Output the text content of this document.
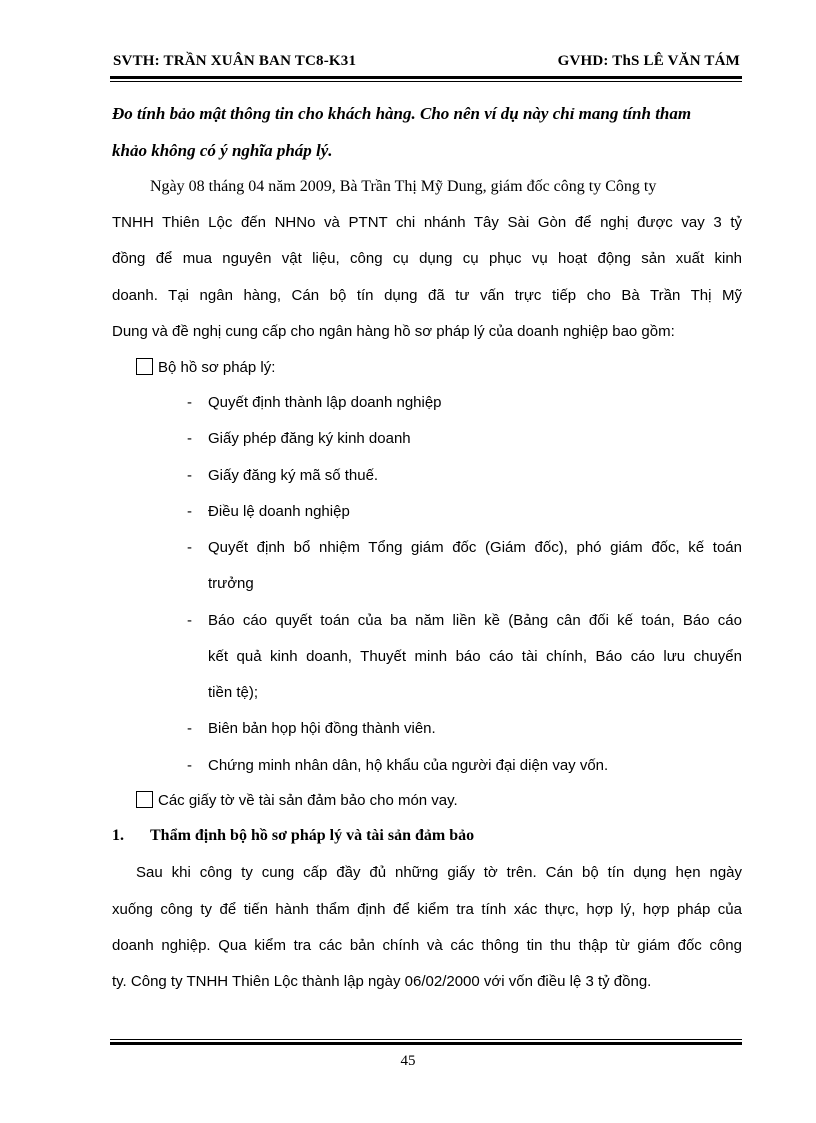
SVTH: TRẦN XUÂN BAN TC8-K31	GVHD: ThS LÊ VĂN TÁM
Đo tính bảo mật thông tin cho khách hàng. Cho nên ví dụ này chỉ mang tính tham
khảo không có ý nghĩa pháp lý.
Ngày 08 tháng 04 năm 2009, Bà Trần Thị Mỹ Dung, giám đốc công ty Công ty
TNHH Thiên Lộc đến NHNo và PTNT chi nhánh Tây Sài Gòn để nghị được vay 3 tỷ
đồng để mua nguyên vật liệu, công cụ dụng cụ phục vụ hoạt động sản xuất kinh
doanh. Tại ngân hàng, Cán bộ tín dụng đã tư vấn trực tiếp cho Bà Trần Thị Mỹ
Dung và đề nghị cung cấp cho ngân hàng hồ sơ pháp lý của doanh nghiệp bao gồm:
Bộ hồ sơ pháp lý:
- Quyết định thành lập doanh nghiệp
- Giấy phép đăng ký kinh doanh
- Giấy đăng ký mã số thuế.
- Điều lệ doanh nghiệp
- Quyết định bổ nhiệm Tổng giám đốc (Giám đốc), phó giám đốc, kế toán
trưởng
- Báo cáo quyết toán của ba năm liền kề (Bảng cân đối kế toán, Báo cáo
kết quả kinh doanh, Thuyết minh báo cáo tài chính, Báo cáo lưu chuyển
tiền tệ);
- Biên bản họp hội đồng thành viên.
- Chứng minh nhân dân, hộ khẩu của người đại diện vay vốn.
Các giấy tờ về tài sản đảm bảo cho món vay.
1. Thẩm định bộ hồ sơ pháp lý và tài sản đảm bảo
Sau khi công ty cung cấp đầy đủ những giấy tờ trên. Cán bộ tín dụng hẹn ngày
xuống công ty để tiến hành thẩm định để kiểm tra tính xác thực, hợp lý, hợp pháp của
doanh nghiệp. Qua kiểm tra các bản chính và các thông tin thu thập từ giám đốc công
ty. Công ty TNHH Thiên Lộc thành lập ngày 06/02/2000 với vốn điều lệ 3 tỷ đồng.
45
